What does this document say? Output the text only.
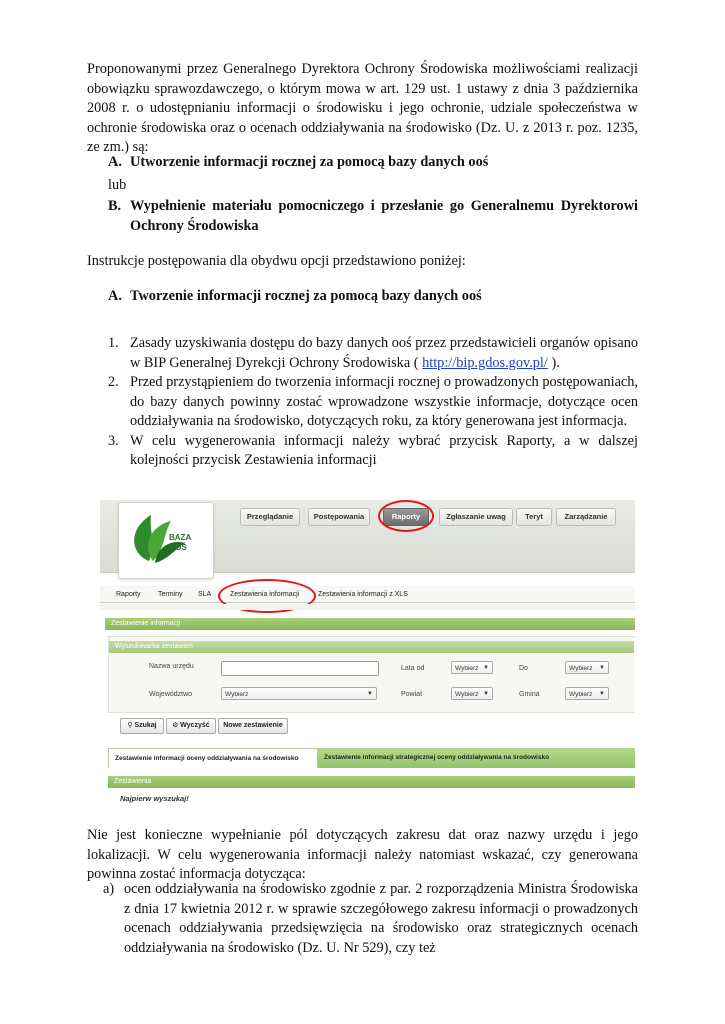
Proponowanymi przez Generalnego Dyrektora Ochrony Środowiska możliwościami realizacji obowiązku sprawozdawczego, o którym mowa w art. 129 ust. 1 ustawy z dnia 3 października 2008 r. o udostępnianiu informacji o środowisku i jego ochronie, udziale społeczeństwa w ochronie środowiska oraz o ocenach oddziaływania na środowisko (Dz. U. z 2013 r. poz. 1235, ze zm.) są:

A. Utworzenie informacji rocznej za pomocą bazy danych ooś

lub
B. Wypełnienie materiału pomocniczego i przesłanie go Generalnemu Dyrektorowi Ochrony Środowiska

Instrukcje postępowania dla obydwu opcji przedstawiono poniżej:

A. Tworzenie informacji rocznej za pomocą bazy danych ooś

1. Zasady uzyskiwania dostępu do bazy danych ooś przez przedstawicieli organów opisano w BIP Generalnej Dyrekcji Ochrony Środowiska ( http://bip.gdos.gov.pl/ ).
2. Przed przystąpieniem do tworzenia informacji rocznej o prowadzonych postępowaniach, do bazy danych powinny zostać wprowadzone wszystkie informacje, dotyczące ocen oddziaływania na środowisko, dotyczących roku, za który generowana jest informacja.
3. W celu wygenerowania informacji należy wybrać przycisk Raporty, a w dalszej kolejności przycisk Zestawienia informacji
BAZA
OOŚ
Przeglądanie	Postępowania	Raporty	Zgłaszanie uwag	Teryt	Zarządzanie
Raporty Terminy SLA	Zestawienia informacji	Zestawienia informacji z XLS
Zestawienie informacji
Wyszukiwarka zestawień
Nazwa urzędu	Lata od	Wybierz ▼	Do	Wybierz ▼
Województwo	Wybierz	▼	Powiat	Wybierz ▼	Gmina	Wybierz ▼
⚲ Szukaj	⊘ Wyczyść	Nowe zestawienie
Zestawienie informacji oceny oddziaływania na środowisko	Zestawienie informacji strategicznej oceny oddziaływania na środowisko
Zestawienia
Najpierw wyszukaj!

Nie jest konieczne wypełnianie pól dotyczących zakresu dat oraz nazwy urzędu i jego lokalizacji. W celu wygenerowania informacji należy natomiast wskazać, czy generowana powinna zostać informacja dotycząca:

a) ocen oddziaływania na środowisko zgodnie z par. 2 rozporządzenia Ministra Środowiska z dnia 17 kwietnia 2012 r. w sprawie szczegółowego zakresu informacji o prowadzonych ocenach oddziaływania przedsięwzięcia na środowisko oraz strategicznych ocenach oddziaływania na środowisko (Dz. U. Nr 529), czy też
